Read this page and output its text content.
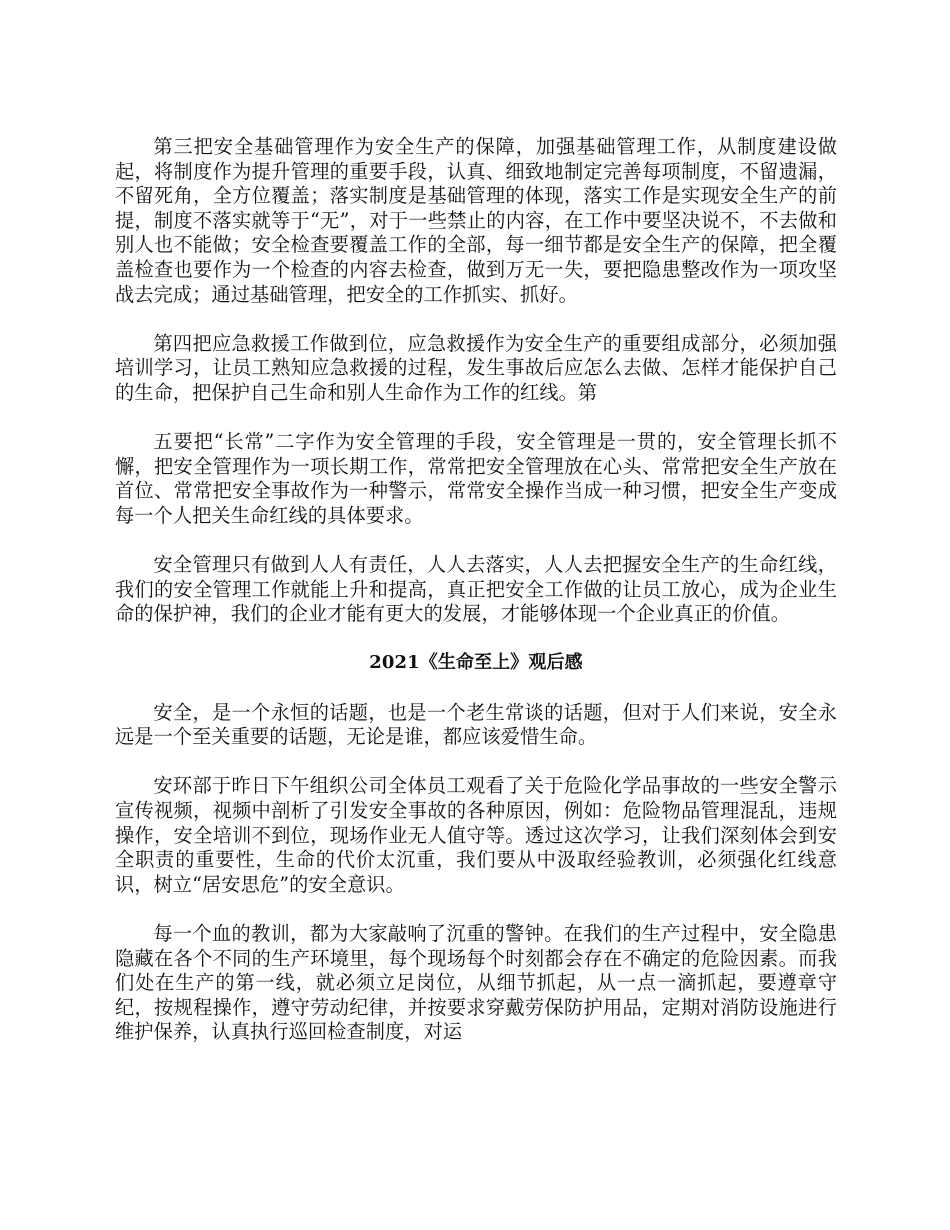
第三把安全基础管理作为安全生产的保障，加强基础管理工作，从制度建设做起，将制度作为提升管理的重要手段，认真、细致地制定完善每项制度，不留遗漏，不留死角，全方位覆盖；落实制度是基础管理的体现，落实工作是实现安全生产的前提，制度不落实就等于“无”，对于一些禁止的内容，在工作中要坚决说不，不去做和别人也不能做；安全检查要覆盖工作的全部，每一细节都是安全生产的保障，把全覆盖检查也要作为一个检查的内容去检查，做到万无一失，要把隐患整改作为一项攻坚战去完成；通过基础管理，把安全的工作抓实、抓好。

第四把应急救援工作做到位，应急救援作为安全生产的重要组成部分，必须加强培训学习，让员工熟知应急救援的过程，发生事故后应怎么去做、怎样才能保护自己的生命，把保护自己生命和别人生命作为工作的红线。第

五要把“长常”二字作为安全管理的手段，安全管理是一贯的，安全管理长抓不懈，把安全管理作为一项长期工作，常常把安全管理放在心头、常常把安全生产放在首位、常常把安全事故作为一种警示，常常安全操作当成一种习惯，把安全生产变成每一个人把关生命红线的具体要求。

安全管理只有做到人人有责任，人人去落实，人人去把握安全生产的生命红线，我们的安全管理工作就能上升和提高，真正把安全工作做的让员工放心，成为企业生命的保护神，我们的企业才能有更大的发展，才能够体现一个企业真正的价值。

2021《生命至上》观后感

安全，是一个永恒的话题，也是一个老生常谈的话题，但对于人们来说，安全永远是一个至关重要的话题，无论是谁，都应该爱惜生命。

安环部于昨日下午组织公司全体员工观看了关于危险化学品事故的一些安全警示宣传视频，视频中剖析了引发安全事故的各种原因，例如：危险物品管理混乱，违规操作，安全培训不到位，现场作业无人值守等。透过这次学习，让我们深刻体会到安全职责的重要性，生命的代价太沉重，我们要从中汲取经验教训，必须强化红线意识，树立“居安思危”的安全意识。

每一个血的教训，都为大家敲响了沉重的警钟。在我们的生产过程中，安全隐患隐藏在各个不同的生产环境里，每个现场每个时刻都会存在不确定的危险因素。而我们处在生产的第一线，就必须立足岗位，从细节抓起，从一点一滴抓起，要遵章守纪，按规程操作，遵守劳动纪律，并按要求穿戴劳保防护用品，定期对消防设施进行维护保养，认真执行巡回检查制度，对运
